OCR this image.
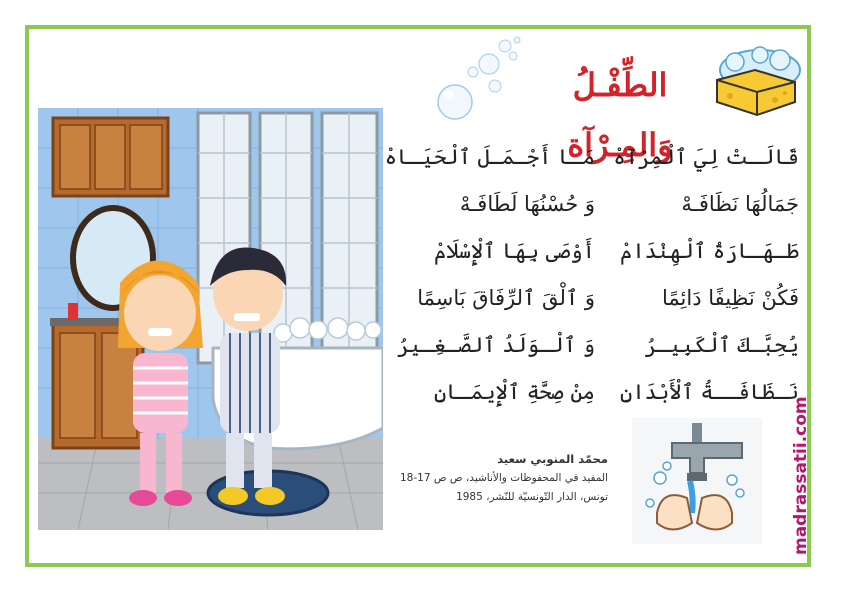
الطِّفْـلُ وَالمِـرْآة
قَالَـتْ لِيَ ٱلْمِرْآهْ
مَـا أَجْـمَـلَ ٱلْحَيَـاهْ
جَمَالُهَا نَظَافَـهْ
وَ حُسْنُهَا لَطَافَـهْ
طَـهَـارَةُ ٱلْهِنْدَامْ
أَوْصَى بِهَا ٱلْإِسْلَامْ
فَكُنْ نَظِيفًا دَائِمًا
وَ ٱلْقَ ٱلرِّفَاقَ بَاسِمًا
يُحِبَّـكَ ٱلْكَبِيـرُ
وَ ٱلْـوَلَدُ ٱلصَّـغِـيرُ
نَـظَافَــةُ ٱلْأَبْدَانِ
مِنْ صِحَّةِ ٱلْإِيمَـانِ
محمّد المنوبي سعيد
المفيد في المحفوظات والأناشيد، ص ص 17-18
تونس، الدار التّونسيّة للنّشر، 1985	madrassatii.com
